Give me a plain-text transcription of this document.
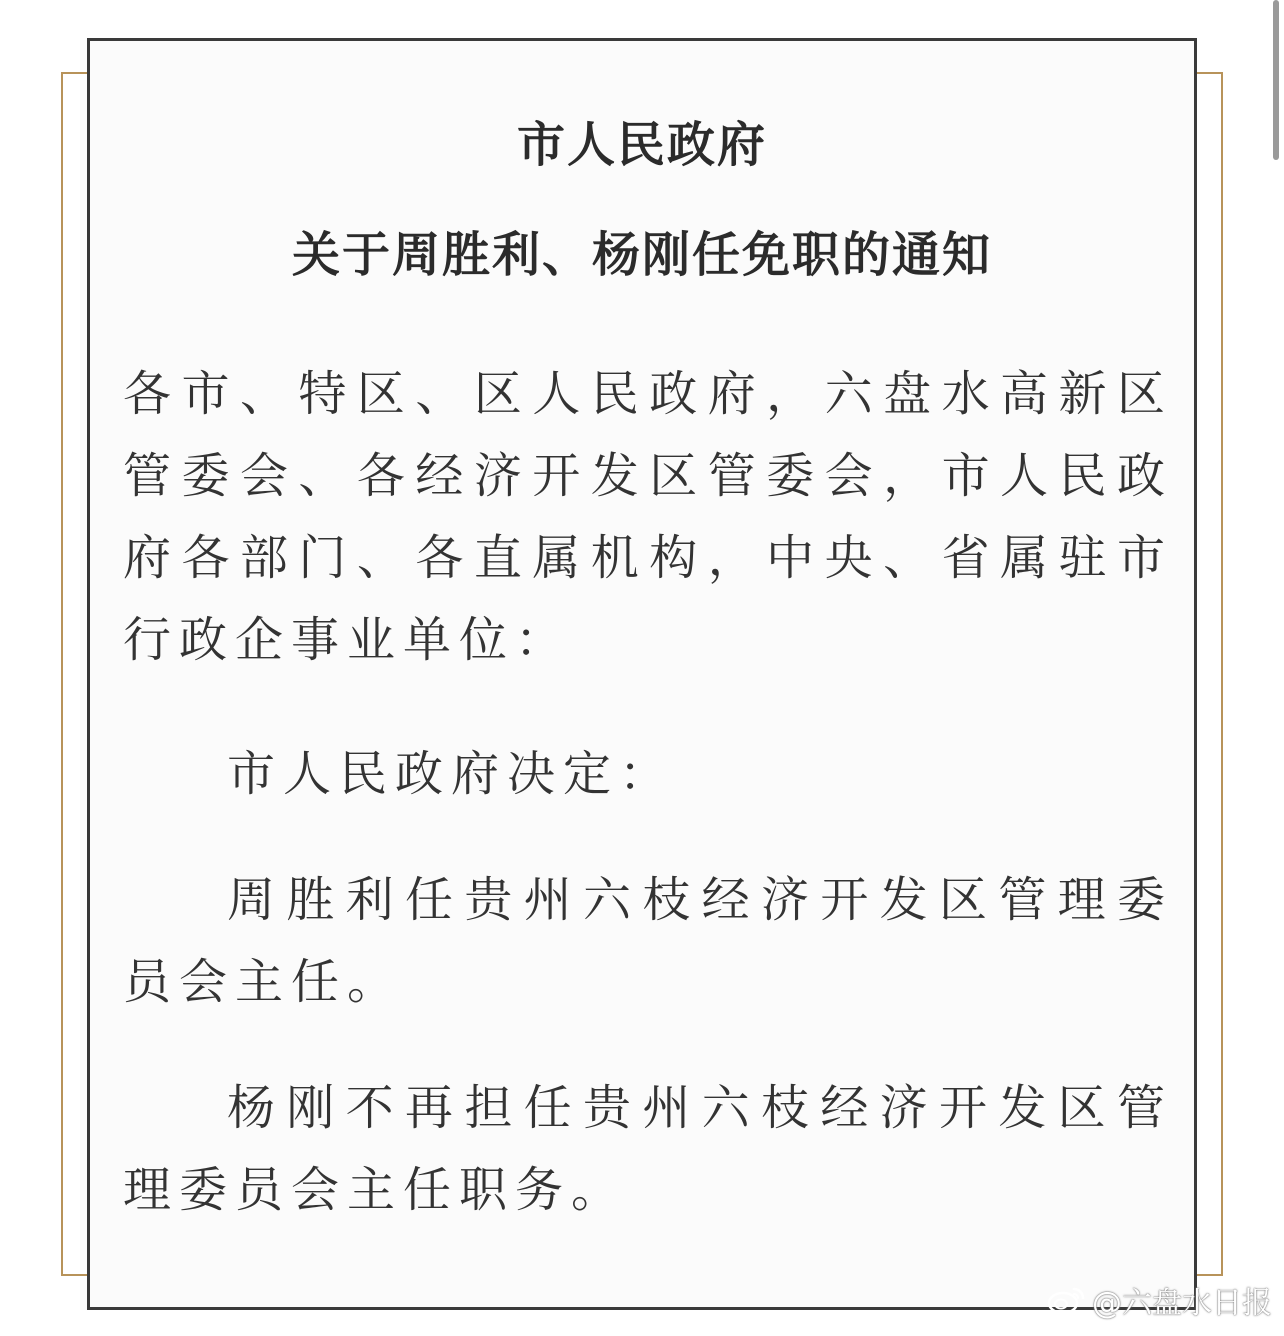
市人民政府
关于周胜利、杨刚任免职的通知

各市、特区、区人民政府，六盘水高新区管委会、各经济开发区管委会，市人民政府各部门、各直属机构，中央、省属驻市行政企事业单位：

市人民政府决定：

周胜利任贵州六枝经济开发区管理委员会主任。

杨刚不再担任贵州六枝经济开发区管理委员会主任职务。

@六盘水日报
